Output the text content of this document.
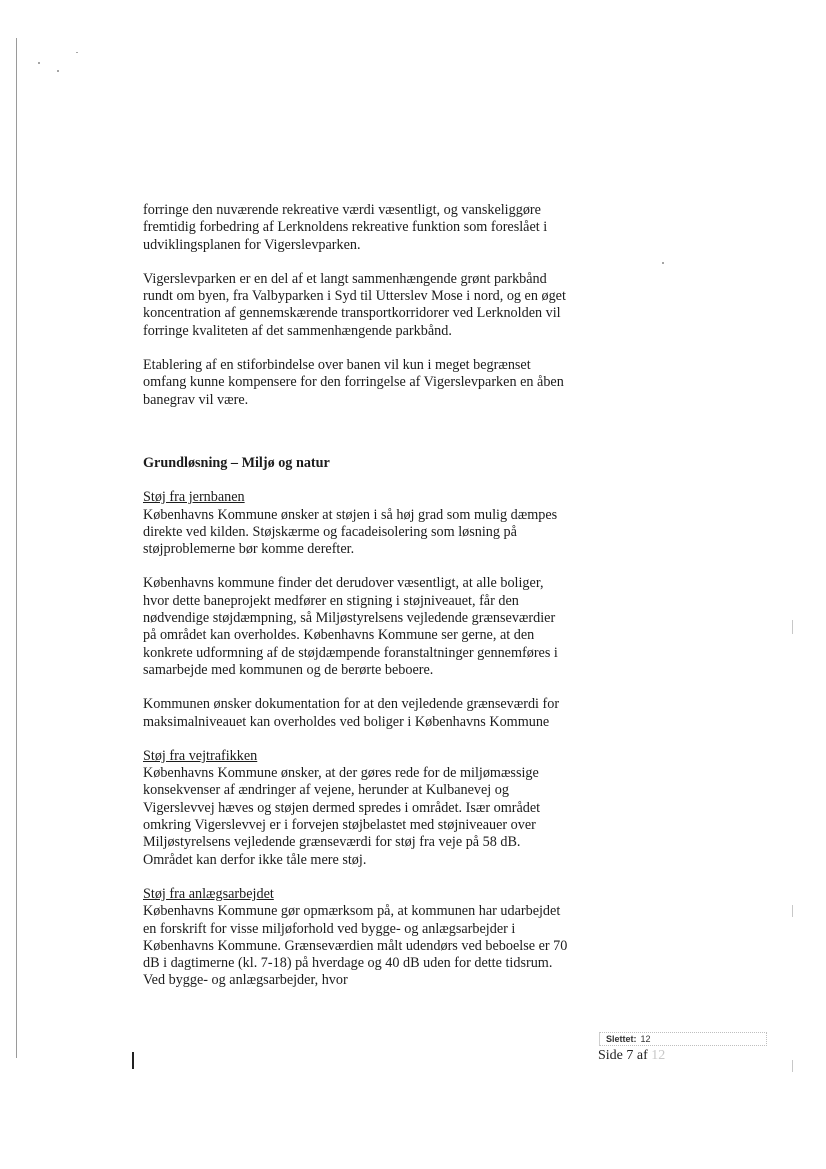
forringe den nuværende rekreative værdi væsentligt, og vanskeliggøre fremtidig forbedring af Lerknoldens rekreative funktion som foreslået i udviklingsplanen for Vigerslevparken.

Vigerslevparken er en del af et langt sammenhængende grønt parkbånd rundt om byen, fra Valbyparken i Syd til Utterslev Mose i nord, og en øget koncentration af gennemskærende transportkorridorer ved Lerknolden vil forringe kvaliteten af det sammenhængende parkbånd.

Etablering af en stiforbindelse over banen vil kun i meget begrænset omfang kunne kompensere for den forringelse af Vigerslevparken en åben banegrav vil være.

Grundløsning – Miljø og natur

Støj fra jernbanen
Københavns Kommune ønsker at støjen i så høj grad som mulig dæmpes direkte ved kilden. Støjskærme og facadeisolering som løsning på støjproblemerne bør komme derefter.

Københavns kommune finder det derudover væsentligt, at alle boliger, hvor dette baneprojekt medfører en stigning i støjniveauet, får den nødvendige støjdæmpning, så Miljøstyrelsens vejledende grænseværdier på området kan overholdes. Københavns Kommune ser gerne, at den konkrete udformning af de støjdæmpende foranstaltninger gennemføres i samarbejde med kommunen og de berørte beboere.

Kommunen ønsker dokumentation for at den vejledende grænseværdi for maksimalniveauet kan overholdes ved boliger i Københavns Kommune

Støj fra vejtrafikken
Københavns Kommune ønsker, at der gøres rede for de miljømæssige konsekvenser af ændringer af vejene, herunder at Kulbanevej og Vigerslevvej hæves og støjen dermed spredes i området. Især området omkring Vigerslevvej er i forvejen støjbelastet med støjniveauer over Miljøstyrelsens vejledende grænseværdi for støj fra veje på 58 dB. Området kan derfor ikke tåle mere støj.

Støj fra anlægsarbejdet
Københavns Kommune gør opmærksom på, at kommunen har udarbejdet en forskrift for visse miljøforhold ved bygge- og anlægsarbejder i Københavns Kommune. Grænseværdien målt udendørs ved beboelse er 70 dB i dagtimerne (kl. 7-18) på hverdage og 40 dB uden for dette tidsrum. Ved bygge- og anlægsarbejder, hvor

Slettet: 12
Side 7 af 12
